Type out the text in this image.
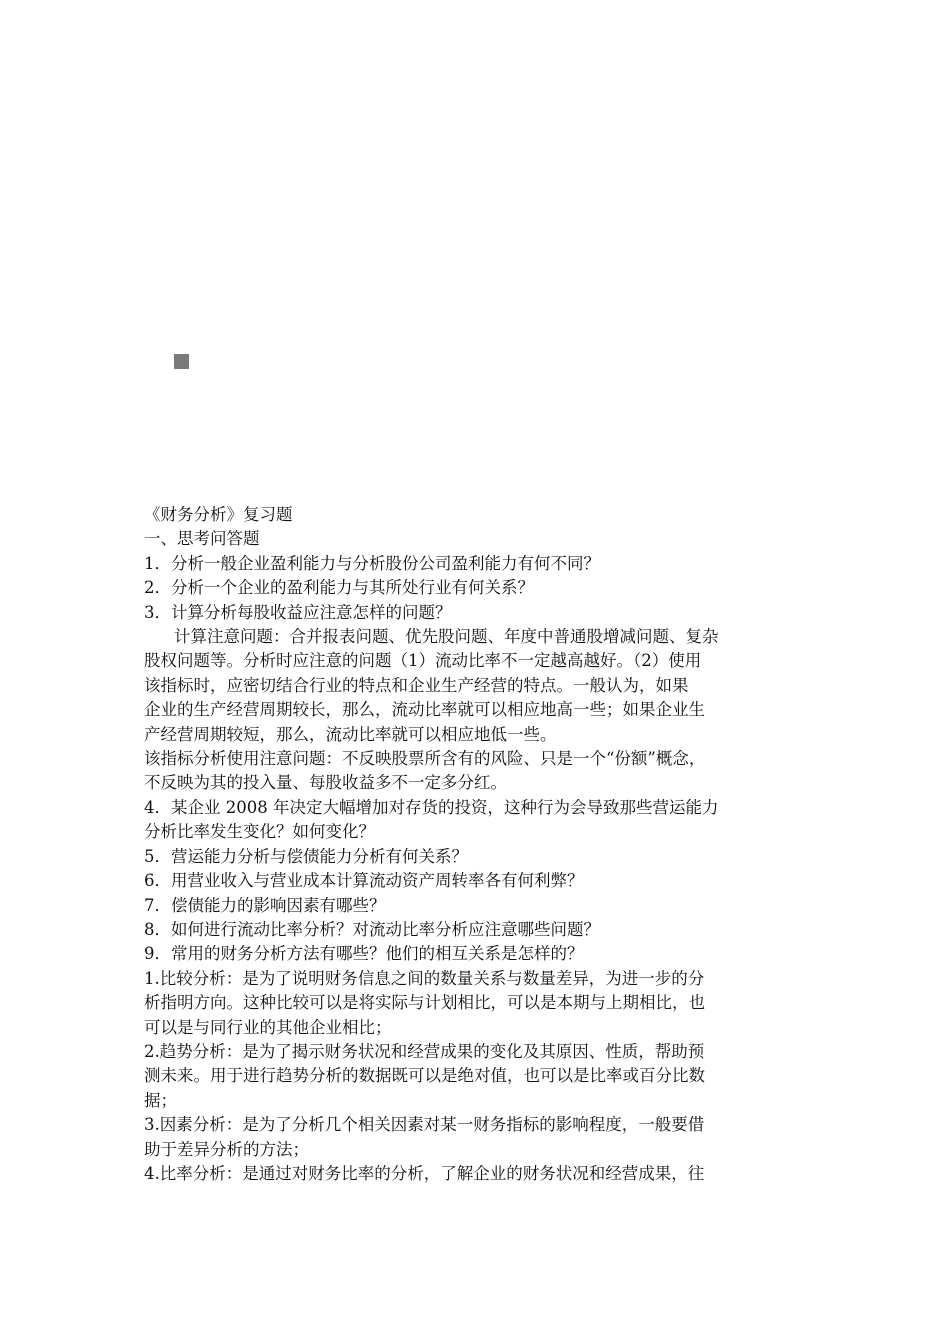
《财务分析》复习题

一、思考问答题

1．分析一般企业盈利能力与分析股份公司盈利能力有何不同？

2．分析一个企业的盈利能力与其所处行业有何关系？

3．计算分析每股收益应注意怎样的问题？

计算注意问题：合并报表问题、优先股问题、年度中普通股增减问题、复杂

股权问题等。分析时应注意的问题（1）流动比率不一定越高越好。（2）使用

该指标时，应密切结合行业的特点和企业生产经营的特点。一般认为，如果

企业的生产经营周期较长，那么，流动比率就可以相应地高一些；如果企业生

产经营周期较短，那么，流动比率就可以相应地低一些。

该指标分析使用注意问题：不反映股票所含有的风险、只是一个“份额”概念，

不反映为其的投入量、每股收益多不一定多分红。

4．某企业 2008 年决定大幅增加对存货的投资，这种行为会导致那些营运能力

分析比率发生变化？如何变化？

5．营运能力分析与偿债能力分析有何关系？

6．用营业收入与营业成本计算流动资产周转率各有何利弊？

7．偿债能力的影响因素有哪些？

8．如何进行流动比率分析？对流动比率分析应注意哪些问题？

9．常用的财务分析方法有哪些？他们的相互关系是怎样的？

1.比较分析：是为了说明财务信息之间的数量关系与数量差异，为进一步的分

析指明方向。这种比较可以是将实际与计划相比，可以是本期与上期相比，也

可以是与同行业的其他企业相比；

2.趋势分析：是为了揭示财务状况和经营成果的变化及其原因、性质，帮助预

测未来。用于进行趋势分析的数据既可以是绝对值，也可以是比率或百分比数

据；

3.因素分析：是为了分析几个相关因素对某一财务指标的影响程度，一般要借

助于差异分析的方法；

4.比率分析：是通过对财务比率的分析，了解企业的财务状况和经营成果，往
